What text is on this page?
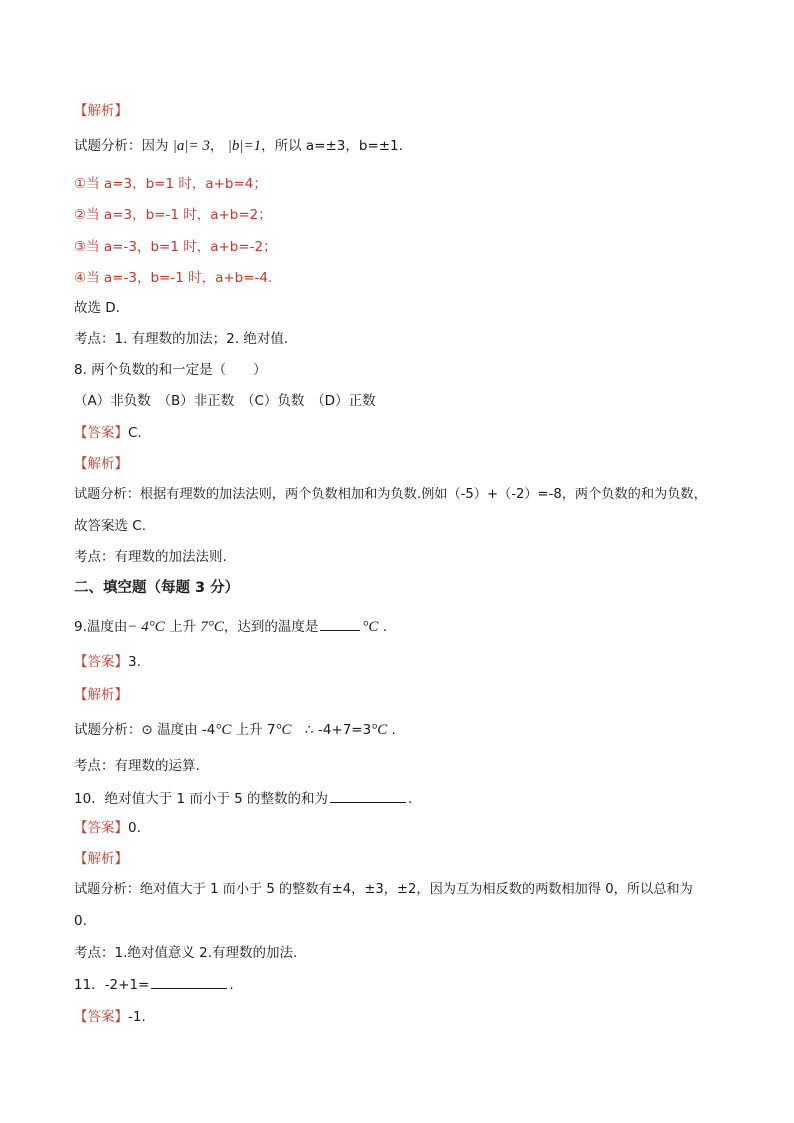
【解析】
试题分析：因为 |a|= 3， |b|=1，所以 a=±3，b=±1.
①当 a=3，b=1 时，a+b=4；
②当 a=3，b=-1 时，a+b=2；
③当 a=-3，b=1 时，a+b=-2；
④当 a=-3，b=-1 时，a+b=-4.
故选 D.
考点：1. 有理数的加法；2. 绝对值.
8. 两个负数的和一定是（　　）
（A）非负数　（B）非正数　（C）负数　（D）正数
【答案】C.
【解析】
试题分析：根据有理数的加法法则，两个负数相加和为负数.例如（-5）+（-2）=-8，两个负数的和为负数，
故答案选 C.
考点：有理数的加法法则.
二、填空题（每题 3 分）
9.温度由− 4°C 上升 7°C，达到的温度是	°C .
【答案】3.
【解析】
试题分析：⊙ 温度由 -4°C 上升 7°C　∴ -4+7=3°C .
考点：有理数的运算.
10．绝对值大于 1 而小于 5 的整数的和为	.
【答案】0.
【解析】
试题分析：绝对值大于 1 而小于 5 的整数有±4，±3，±2，因为互为相反数的两数相加得 0，所以总和为
0.
考点：1.绝对值意义 2.有理数的加法.
11．-2+1=	.
【答案】-1.
